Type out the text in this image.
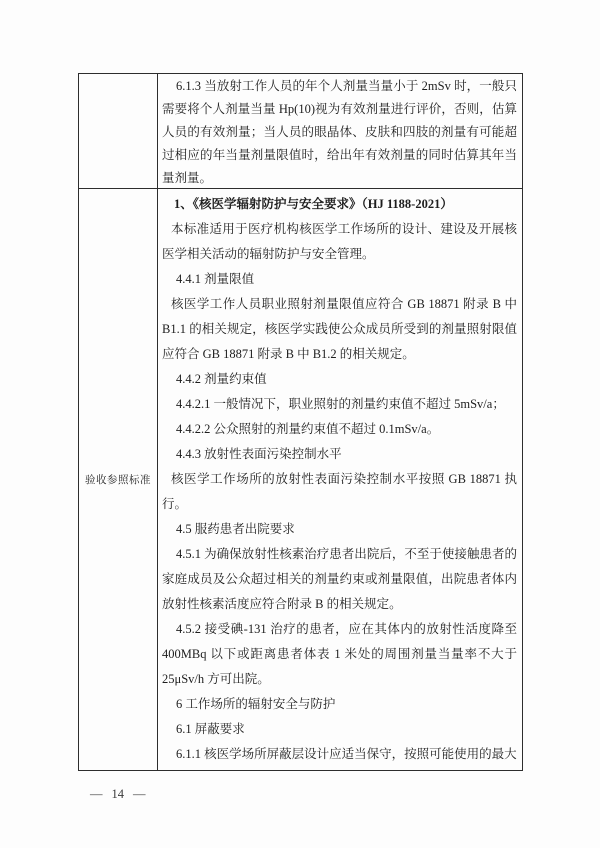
6.1.3 当放射工作人员的年个人剂量当量小于 2mSv 时，一般只需要将个人剂量当量 Hp(10)视为有效剂量进行评价，否则，估算人员的有效剂量；当人员的眼晶体、皮肤和四肢的剂量有可能超过相应的年当量剂量限值时，给出年有效剂量的同时估算其年当量剂量。

验收参照标准

1、《核医学辐射防护与安全要求》（HJ 1188-2021）

本标准适用于医疗机构核医学工作场所的设计、建设及开展核医学相关活动的辐射防护与安全管理。

4.4.1 剂量限值

核医学工作人员职业照射剂量限值应符合 GB 18871 附录 B 中 B1.1 的相关规定，核医学实践使公众成员所受到的剂量照射限值应符合 GB 18871 附录 B 中 B1.2 的相关规定。

4.4.2 剂量约束值

4.4.2.1 一般情况下，职业照射的剂量约束值不超过 5mSv/a；

4.4.2.2 公众照射的剂量约束值不超过 0.1mSv/a。

4.4.3 放射性表面污染控制水平

核医学工作场所的放射性表面污染控制水平按照 GB 18871 执行。

4.5 服药患者出院要求

4.5.1 为确保放射性核素治疗患者出院后，不至于使接触患者的家庭成员及公众超过相关的剂量约束或剂量限值，出院患者体内放射性核素活度应符合附录 B 的相关规定。

4.5.2 接受碘-131 治疗的患者，应在其体内的放射性活度降至 400MBq 以下或距离患者体表 1 米处的周围剂量当量率不大于 25μSv/h 方可出院。

6 工作场所的辐射安全与防护

6.1 屏蔽要求

6.1.1 核医学场所屏蔽层设计应适当保守，按照可能使用的最大

— 14 —
